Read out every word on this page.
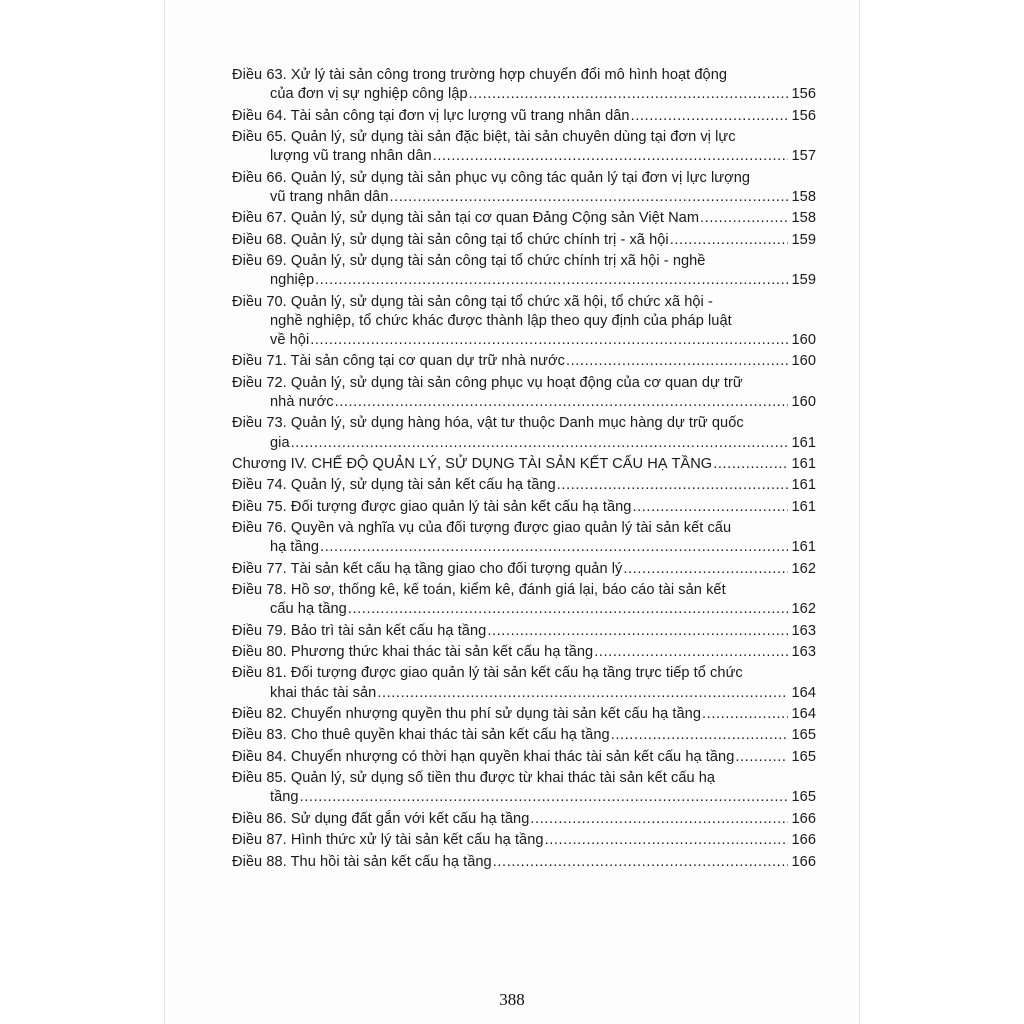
Điều 63. Xử lý tài sản công trong trường hợp chuyển đổi mô hình hoạt động
của đơn vị sự nghiệp công lập .....	156
Điều 64. Tài sản công tại đơn vị lực lượng vũ trang nhân dân .....	156
Điều 65. Quản lý, sử dụng tài sản đặc biệt, tài sản chuyên dùng tại đơn vị lực
lượng vũ trang nhân dân .....	157
Điều 66. Quản lý, sử dụng tài sản phục vụ công tác quản lý tại đơn vị lực lượng
vũ trang nhân dân .....	158
Điều 67. Quản lý, sử dụng tài sản tại cơ quan Đảng Cộng sản Việt Nam .....	158
Điều 68. Quản lý, sử dụng tài sản công tại tổ chức chính trị - xã hội .....	159
Điều 69. Quản lý, sử dụng tài sản công tại tổ chức chính trị xã hội - nghề
nghiệp .....	159
Điều 70. Quản lý, sử dụng tài sản công tại tổ chức xã hội, tổ chức xã hội -
nghề nghiệp, tổ chức khác được thành lập theo quy định của pháp luật
về hội .....	160
Điều 71. Tài sản công tại cơ quan dự trữ nhà nước .....	160
Điều 72. Quản lý, sử dụng tài sản công phục vụ hoạt động của cơ quan dự trữ
nhà nước .....	160
Điều 73. Quản lý, sử dụng hàng hóa, vật tư thuộc Danh mục hàng dự trữ quốc
gia .....	161
Chương IV. CHẾ ĐỘ QUẢN LÝ, SỬ DỤNG TÀI SẢN KẾT CẤU HẠ TẦNG .....	161
Điều 74. Quản lý, sử dụng tài sản kết cấu hạ tầng .....	161
Điều 75. Đối tượng được giao quản lý tài sản kết cấu hạ tầng .....	161
Điều 76. Quyền và nghĩa vụ của đối tượng được giao quản lý tài sản kết cấu
hạ tầng .....	161
Điều 77. Tài sản kết cấu hạ tầng giao cho đối tượng quản lý .....	162
Điều 78. Hồ sơ, thống kê, kế toán, kiểm kê, đánh giá lại, báo cáo tài sản kết
cấu hạ tầng .....	162
Điều 79. Bảo trì tài sản kết cấu hạ tầng .....	163
Điều 80. Phương thức khai thác tài sản kết cấu hạ tầng .....	163
Điều 81. Đối tượng được giao quản lý tài sản kết cấu hạ tầng trực tiếp tổ chức
khai thác tài sản .....	164
Điều 82. Chuyển nhượng quyền thu phí sử dụng tài sản kết cấu hạ tầng .....	164
Điều 83. Cho thuê quyền khai thác tài sản kết cấu hạ tầng .....	165
Điều 84. Chuyển nhượng có thời hạn quyền khai thác tài sản kết cấu hạ tầng .....	165
Điều 85. Quản lý, sử dụng số tiền thu được từ khai thác tài sản kết cấu hạ
tầng .....	165
Điều 86. Sử dụng đất gắn với kết cấu hạ tầng .....	166
Điều 87. Hình thức xử lý tài sản kết cấu hạ tầng .....	166
Điều 88. Thu hồi tài sản kết cấu hạ tầng .....	166
388
